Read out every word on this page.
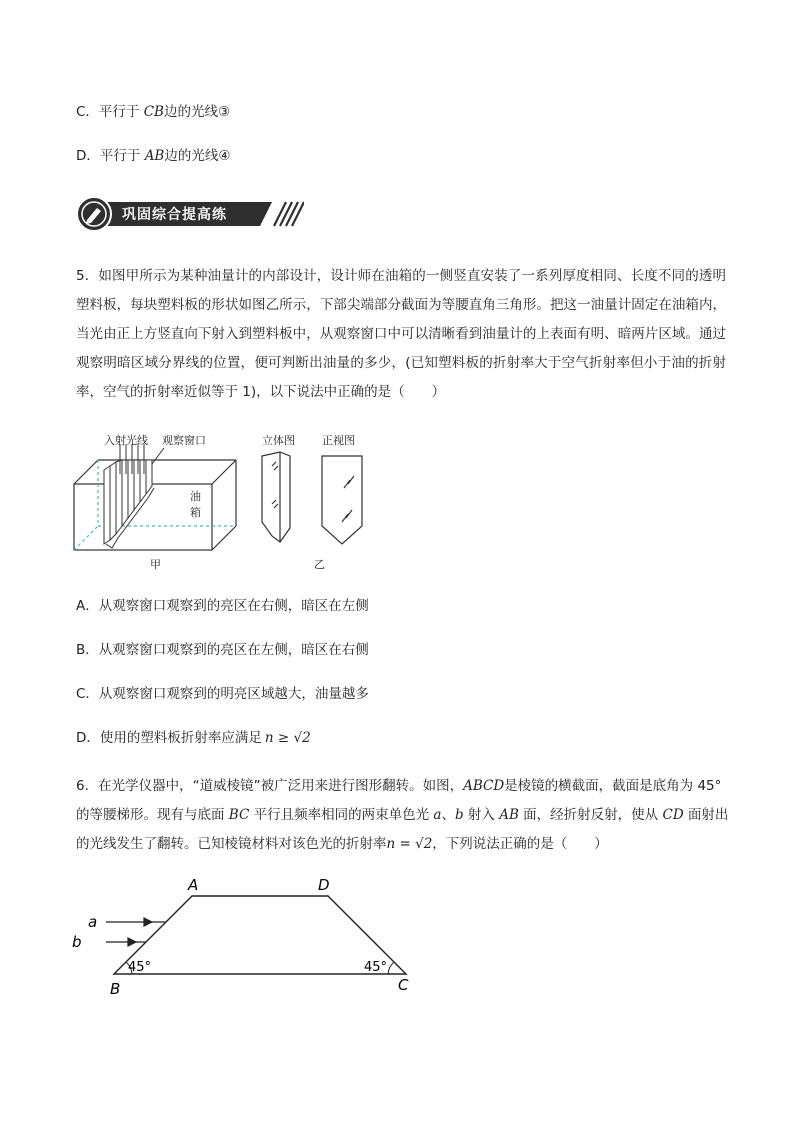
C．平行于 CB边的光线③
D．平行于 AB边的光线④
巩固综合提高练
5．如图甲所示为某种油量计的内部设计，设计师在油箱的一侧竖直安装了一系列厚度相同、长度不同的透明塑料板，每块塑料板的形状如图乙所示，下部尖端部分截面为等腰直角三角形。把这一油量计固定在油箱内，当光由正上方竖直向下射入到塑料板中，从观察窗口中可以清晰看到油量计的上表面有明、暗两片区域。通过观察明暗区域分界线的位置，便可判断出油量的多少，(已知塑料板的折射率大于空气折射率但小于油的折射率，空气的折射率近似等于 1)，以下说法中正确的是（　　）
入射光线 观察窗口
油
箱
甲
立体图 正视图
乙
A．从观察窗口观察到的亮区在右侧，暗区在左侧
B．从观察窗口观察到的亮区在左侧，暗区在右侧
C．从观察窗口观察到的明亮区域越大，油量越多
D．使用的塑料板折射率应满足 n ≥ √2
6．在光学仪器中，“道威棱镜”被广泛用来进行图形翻转。如图，ABCD是棱镜的横截面，截面是底角为 45°
的等腰梯形。现有与底面 BC 平行且频率相同的两束单色光 a、b 射入 AB 面，经折射反射，使从 CD 面射出
的光线发生了翻转。已知棱镜材料对该色光的折射率n = √2，下列说法正确的是（　　）
A	D
B	C
a
b
45°	45°
